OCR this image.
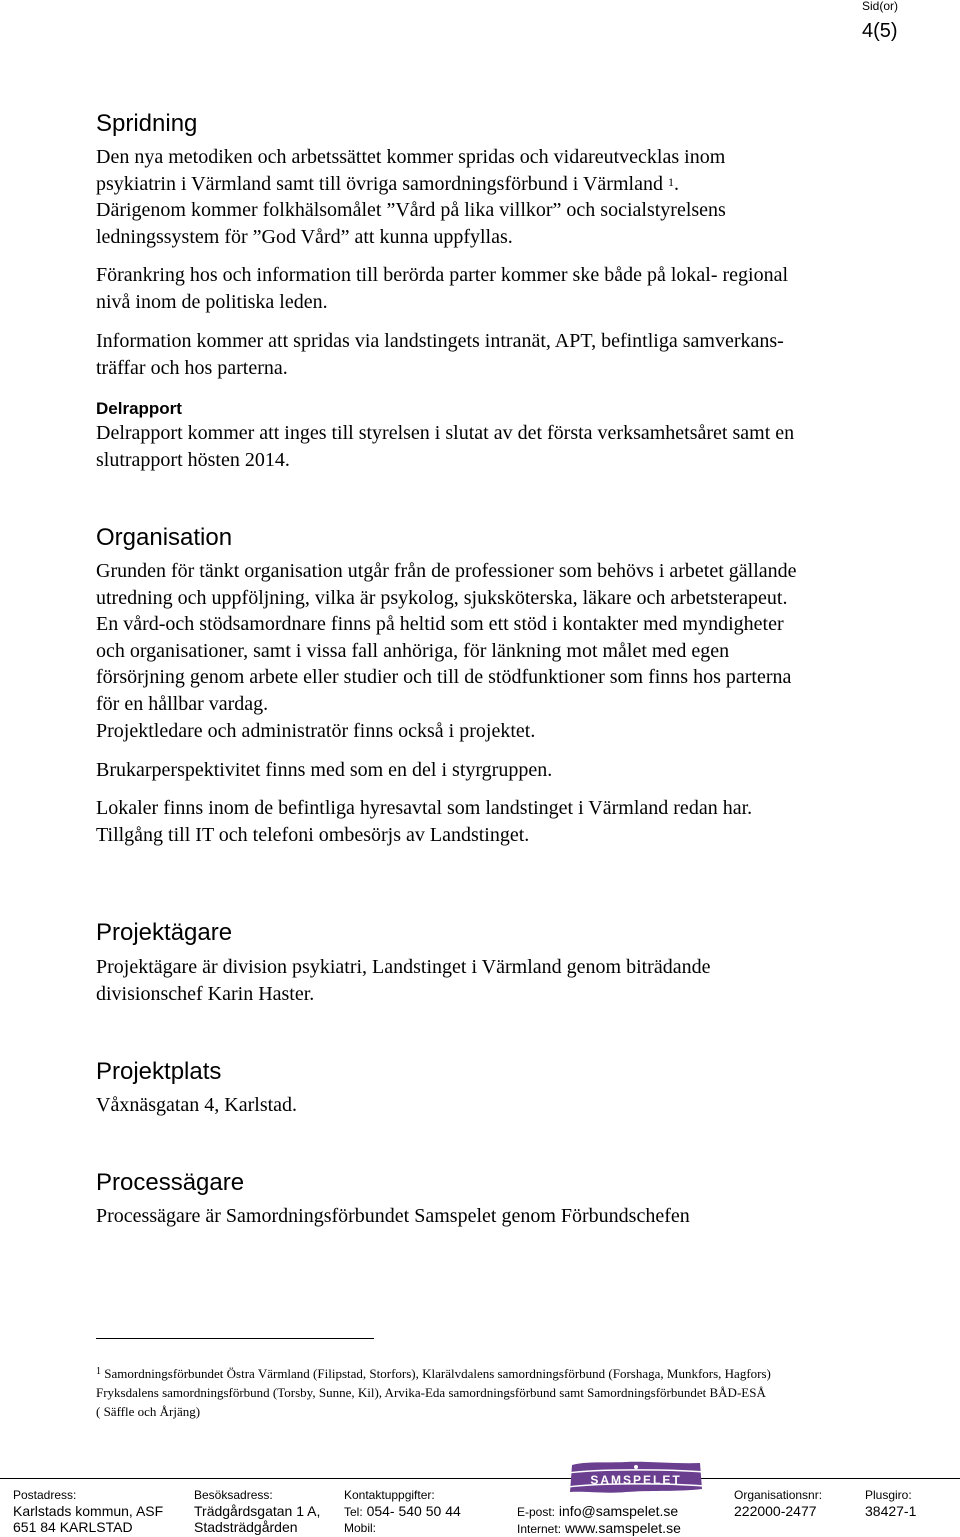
Sid(or)
4(5)
Spridning
Den nya metodiken och arbetssättet kommer spridas och vidareutvecklas inom
psykiatrin i Värmland samt till övriga samordningsförbund i Värmland $^1$.
Därigenom kommer folkhälsomålet ”Vård på lika villkor” och socialstyrelsens
ledningssystem för ”God Vård” att kunna uppfyllas.
Förankring hos och information till berörda parter kommer ske både på lokal- regional
nivå inom de politiska leden.
Information kommer att spridas via landstingets intranät, APT, befintliga samverkans-
träffar och hos parterna.
Delrapport
Delrapport kommer att inges till styrelsen i slutat av det första verksamhetsåret samt en
slutrapport hösten 2014.
Organisation
Grunden för tänkt organisation utgår från de professioner som behövs i arbetet gällande
utredning och uppföljning, vilka är psykolog, sjuksköterska, läkare och arbetsterapeut.
En vård-och stödsamordnare finns på heltid som ett stöd i kontakter med myndigheter
och organisationer, samt i vissa fall anhöriga, för länkning mot målet med egen
försörjning genom arbete eller studier och till de stödfunktioner som finns hos parterna
för en hållbar vardag.
Projektledare och administratör finns också i projektet.
Brukarperspektivitet finns med som en del i styrgruppen.
Lokaler finns inom de befintliga hyresavtal som landstinget i Värmland redan har.
Tillgång till IT och telefoni ombesörjs av Landstinget.
Projektägare
Projektägare är division psykiatri, Landstinget i Värmland genom biträdande
divisionschef Karin Haster.
Projektplats
Våxnäsgatan 4, Karlstad.
Processägare
Processägare är Samordningsförbundet Samspelet genom Förbundschefen
$^1$ Samordningsförbundet Östra Värmland (Filipstad, Storfors), Klarälvdalens samordningsförbund (Forshaga, Munkfors, Hagfors)
Fryksdalens samordningsförbund (Torsby, Sunne, Kil), Arvika-Eda samordningsförbund samt Samordningsförbundet BÅD-ESÅ
( Säffle och Årjäng)
SAMSPELET
Postadress:
Karlstads kommun, ASF
651 84 KARLSTAD
Besöksadress:
Trädgårdsgatan 1 A,
Stadsträdgården
Kontaktuppgifter:
Tel: 054- 540 50 44
Mobil:
E-post: info@samspelet.se
Internet: www.samspelet.se
Organisationsnr:
222000-2477
Plusgiro:
38427-1
